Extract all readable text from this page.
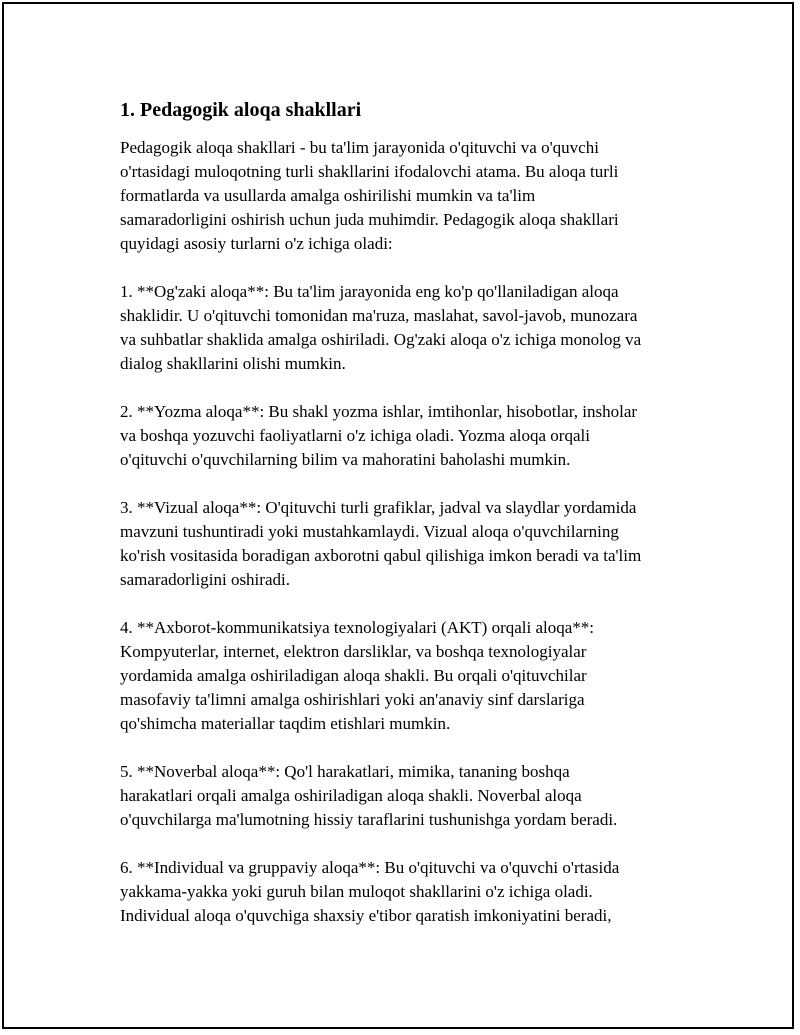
1. Pedagogik aloqa shakllari
Pedagogik aloqa shakllari - bu ta'lim jarayonida o'qituvchi va o'quvchi
o'rtasidagi muloqotning turli shakllarini ifodalovchi atama. Bu aloqa turli
formatlarda va usullarda amalga oshirilishi mumkin va ta'lim
samaradorligini oshirish uchun juda muhimdir. Pedagogik aloqa shakllari
quyidagi asosiy turlarni o'z ichiga oladi:
1. **Og'zaki aloqa**: Bu ta'lim jarayonida eng ko'p qo'llaniladigan aloqa
shaklidir. U o'qituvchi tomonidan ma'ruza, maslahat, savol-javob, munozara
va suhbatlar shaklida amalga oshiriladi. Og'zaki aloqa o'z ichiga monolog va
dialog shakllarini olishi mumkin.
2. **Yozma aloqa**: Bu shakl yozma ishlar, imtihonlar, hisobotlar, insholar
va boshqa yozuvchi faoliyatlarni o'z ichiga oladi. Yozma aloqa orqali
o'qituvchi o'quvchilarning bilim va mahoratini baholashi mumkin.
3. **Vizual aloqa**: O'qituvchi turli grafiklar, jadval va slaydlar yordamida
mavzuni tushuntiradi yoki mustahkamlaydi. Vizual aloqa o'quvchilarning
ko'rish vositasida boradigan axborotni qabul qilishiga imkon beradi va ta'lim
samaradorligini oshiradi.
4. **Axborot-kommunikatsiya texnologiyalari (AKT) orqali aloqa**:
Kompyuterlar, internet, elektron darsliklar, va boshqa texnologiyalar
yordamida amalga oshiriladigan aloqa shakli. Bu orqali o'qituvchilar
masofaviy ta'limni amalga oshirishlari yoki an'anaviy sinf darslariga
qo'shimcha materiallar taqdim etishlari mumkin.
5. **Noverbal aloqa**: Qo'l harakatlari, mimika, tananing boshqa
harakatlari orqali amalga oshiriladigan aloqa shakli. Noverbal aloqa
o'quvchilarga ma'lumotning hissiy taraflarini tushunishga yordam beradi.
6. **Individual va gruppaviy aloqa**: Bu o'qituvchi va o'quvchi o'rtasida
yakkama-yakka yoki guruh bilan muloqot shakllarini o'z ichiga oladi.
Individual aloqa o'quvchiga shaxsiy e'tibor qaratish imkoniyatini beradi,
